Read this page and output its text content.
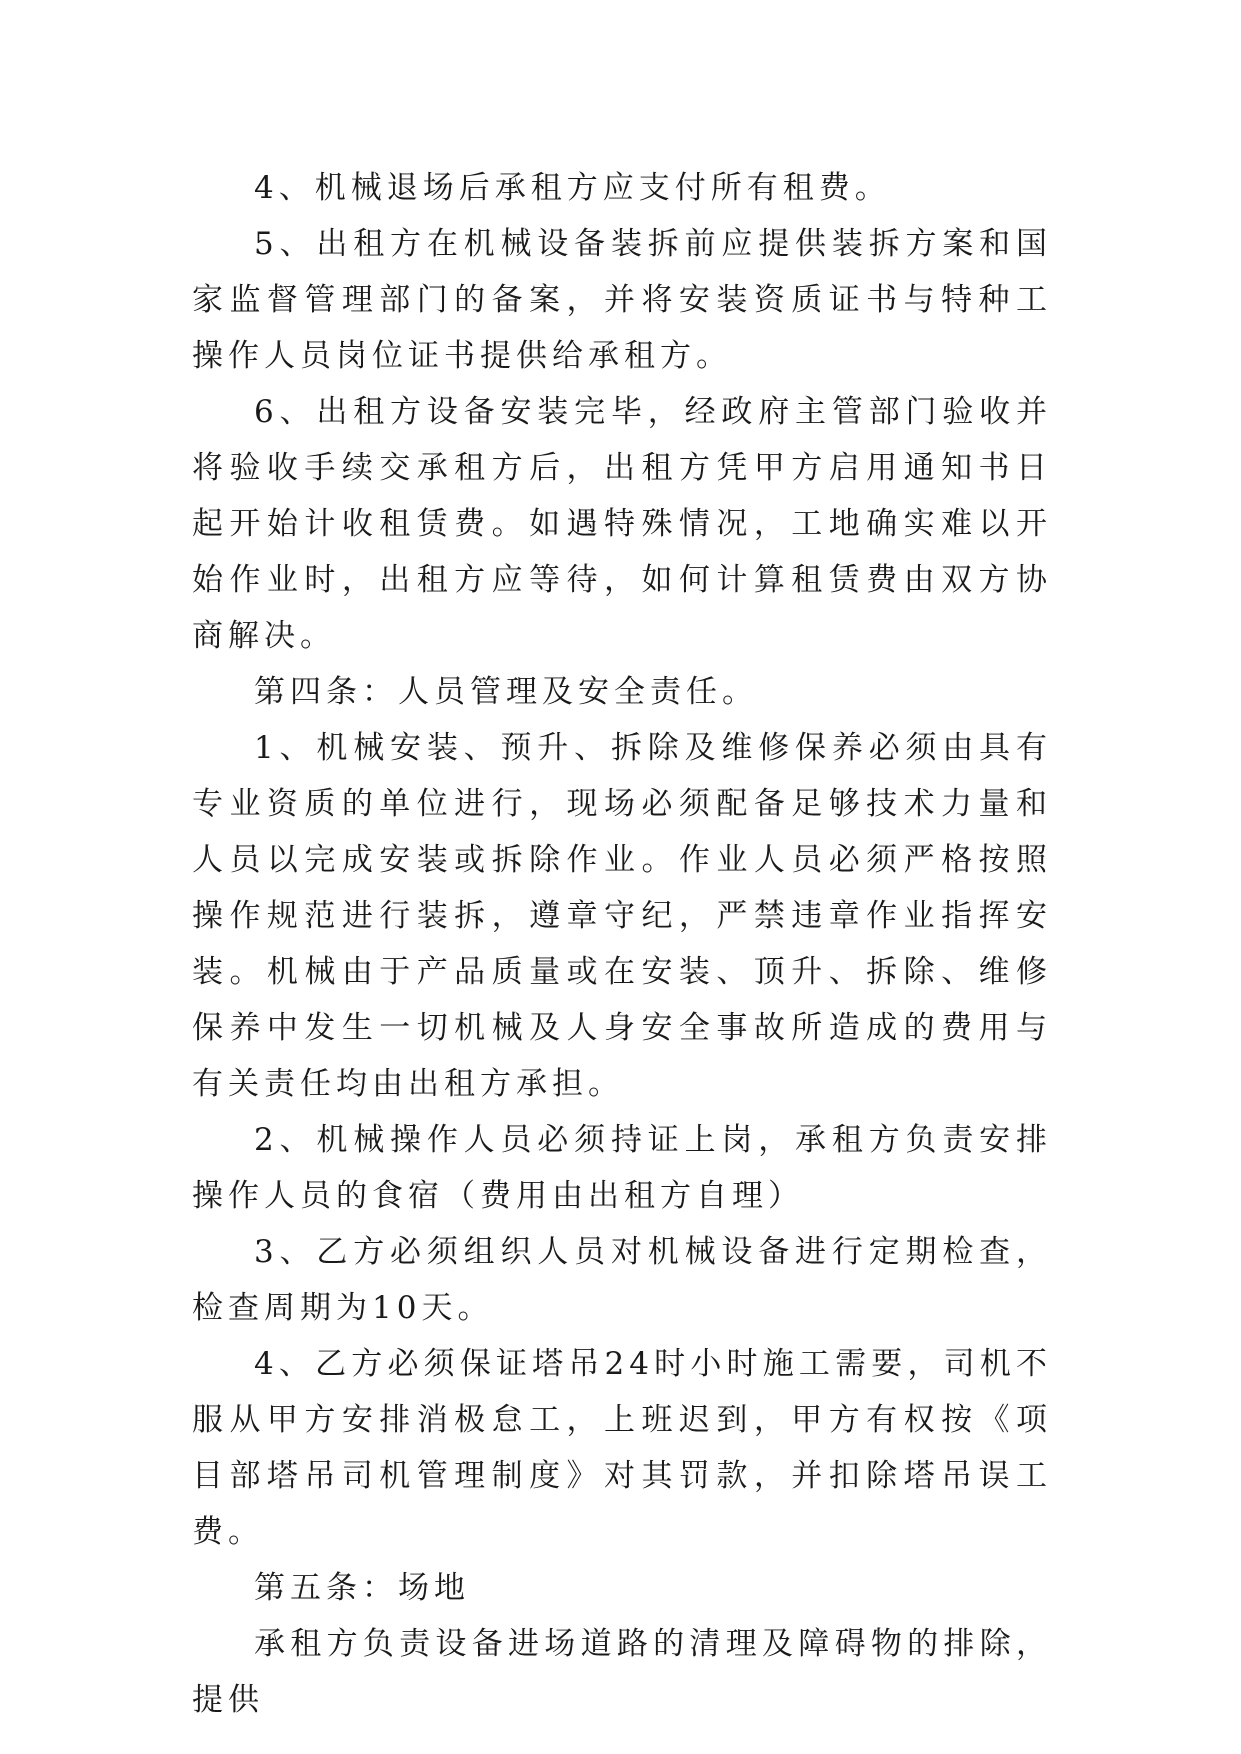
4、机械退场后承租方应支付所有租费。

5、出租方在机械设备装拆前应提供装拆方案和国家监督管理部门的备案，并将安装资质证书与特种工操作人员岗位证书提供给承租方。

6、出租方设备安装完毕，经政府主管部门验收并将验收手续交承租方后，出租方凭甲方启用通知书日起开始计收租赁费。如遇特殊情况，工地确实难以开始作业时，出租方应等待，如何计算租赁费由双方协商解决。

第四条：人员管理及安全责任。

1、机械安装、预升、拆除及维修保养必须由具有专业资质的单位进行，现场必须配备足够技术力量和人员以完成安装或拆除作业。作业人员必须严格按照操作规范进行装拆，遵章守纪，严禁违章作业指挥安装。机械由于产品质量或在安装、顶升、拆除、维修保养中发生一切机械及人身安全事故所造成的费用与有关责任均由出租方承担。

2、机械操作人员必须持证上岗，承租方负责安排操作人员的食宿（费用由出租方自理）

3、乙方必须组织人员对机械设备进行定期检查，检查周期为10天。

4、乙方必须保证塔吊24时小时施工需要，司机不服从甲方安排消极怠工，上班迟到，甲方有权按《项目部塔吊司机管理制度》对其罚款，并扣除塔吊误工费。

第五条：场地

承租方负责设备进场道路的清理及障碍物的排除，提供
